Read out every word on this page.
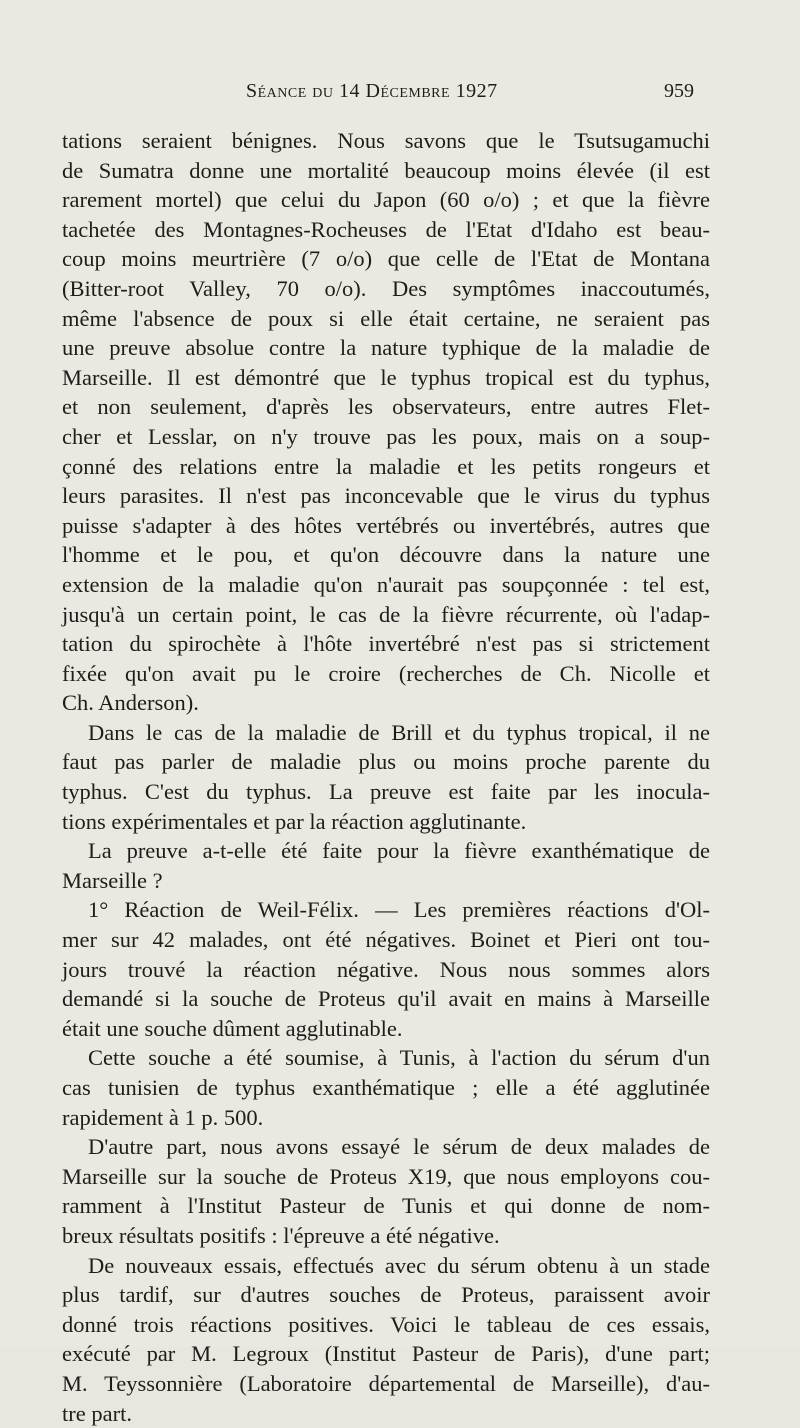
Séance du 14 Décembre 1927	959
tations seraient bénignes. Nous savons que le Tsutsugamuchi
de Sumatra donne une mortalité beaucoup moins élevée (il est
rarement mortel) que celui du Japon (60 o/o) ; et que la fièvre
tachetée des Montagnes-Rocheuses de l'Etat d'Idaho est beau-
coup moins meurtrière (7 o/o) que celle de l'Etat de Montana
(Bitter-root Valley, 70 o/o). Des symptômes inaccoutumés,
même l'absence de poux si elle était certaine, ne seraient pas
une preuve absolue contre la nature typhique de la maladie de
Marseille. Il est démontré que le typhus tropical est du typhus,
et non seulement, d'après les observateurs, entre autres Flet-
cher et Lesslar, on n'y trouve pas les poux, mais on a soup-
çonné des relations entre la maladie et les petits rongeurs et
leurs parasites. Il n'est pas inconcevable que le virus du typhus
puisse s'adapter à des hôtes vertébrés ou invertébrés, autres que
l'homme et le pou, et qu'on découvre dans la nature une
extension de la maladie qu'on n'aurait pas soupçonnée : tel est,
jusqu'à un certain point, le cas de la fièvre récurrente, où l'adap-
tation du spirochète à l'hôte invertébré n'est pas si strictement
fixée qu'on avait pu le croire (recherches de Ch. Nicolle et
Ch. Anderson).
Dans le cas de la maladie de Brill et du typhus tropical, il ne
faut pas parler de maladie plus ou moins proche parente du
typhus. C'est du typhus. La preuve est faite par les inocula-
tions expérimentales et par la réaction agglutinante.
La preuve a-t-elle été faite pour la fièvre exanthématique de
Marseille ?
1° Réaction de Weil-Félix. — Les premières réactions d'Ol-
mer sur 42 malades, ont été négatives. Boinet et Pieri ont tou-
jours trouvé la réaction négative. Nous nous sommes alors
demandé si la souche de Proteus qu'il avait en mains à Marseille
était une souche dûment agglutinable.
Cette souche a été soumise, à Tunis, à l'action du sérum d'un
cas tunisien de typhus exanthématique ; elle a été agglutinée
rapidement à 1 p. 500.
D'autre part, nous avons essayé le sérum de deux malades de
Marseille sur la souche de Proteus X19, que nous employons cou-
ramment à l'Institut Pasteur de Tunis et qui donne de nom-
breux résultats positifs : l'épreuve a été négative.
De nouveaux essais, effectués avec du sérum obtenu à un stade
plus tardif, sur d'autres souches de Proteus, paraissent avoir
donné trois réactions positives. Voici le tableau de ces essais,
exécuté par M. Legroux (Institut Pasteur de Paris), d'une part;
M. Teyssonnière (Laboratoire départemental de Marseille), d'au-
tre part.
